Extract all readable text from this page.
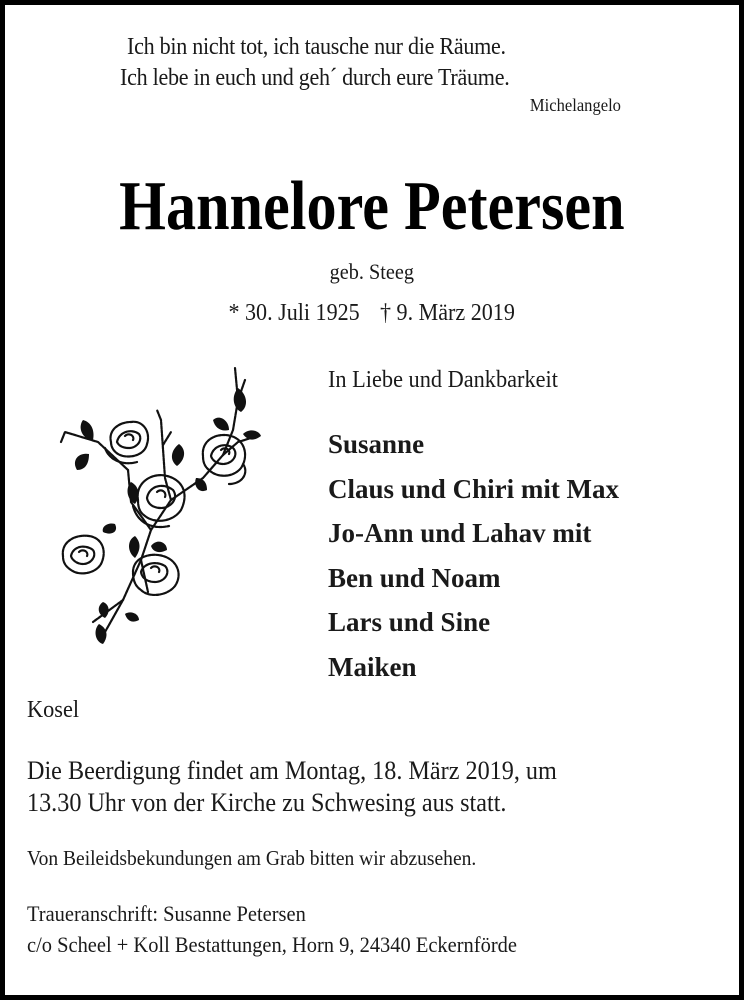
Ich bin nicht tot, ich tausche nur die Räume.
Ich lebe in euch und geh´ durch eure Träume.
Michelangelo
Hannelore Petersen
geb. Steeg
* 30. Juli 1925 † 9. März 2019
In Liebe und Dankbarkeit
Susanne
Claus und Chiri mit Max
Jo-Ann und Lahav mit
Ben und Noam
Lars und Sine
Maiken
Kosel
Die Beerdigung findet am Montag, 18. März 2019, um
13.30 Uhr von der Kirche zu Schwesing aus statt.
Von Beileidsbekundungen am Grab bitten wir abzusehen.
Traueranschrift: Susanne Petersen
c/o Scheel + Koll Bestattungen, Horn 9, 24340 Eckernförde
